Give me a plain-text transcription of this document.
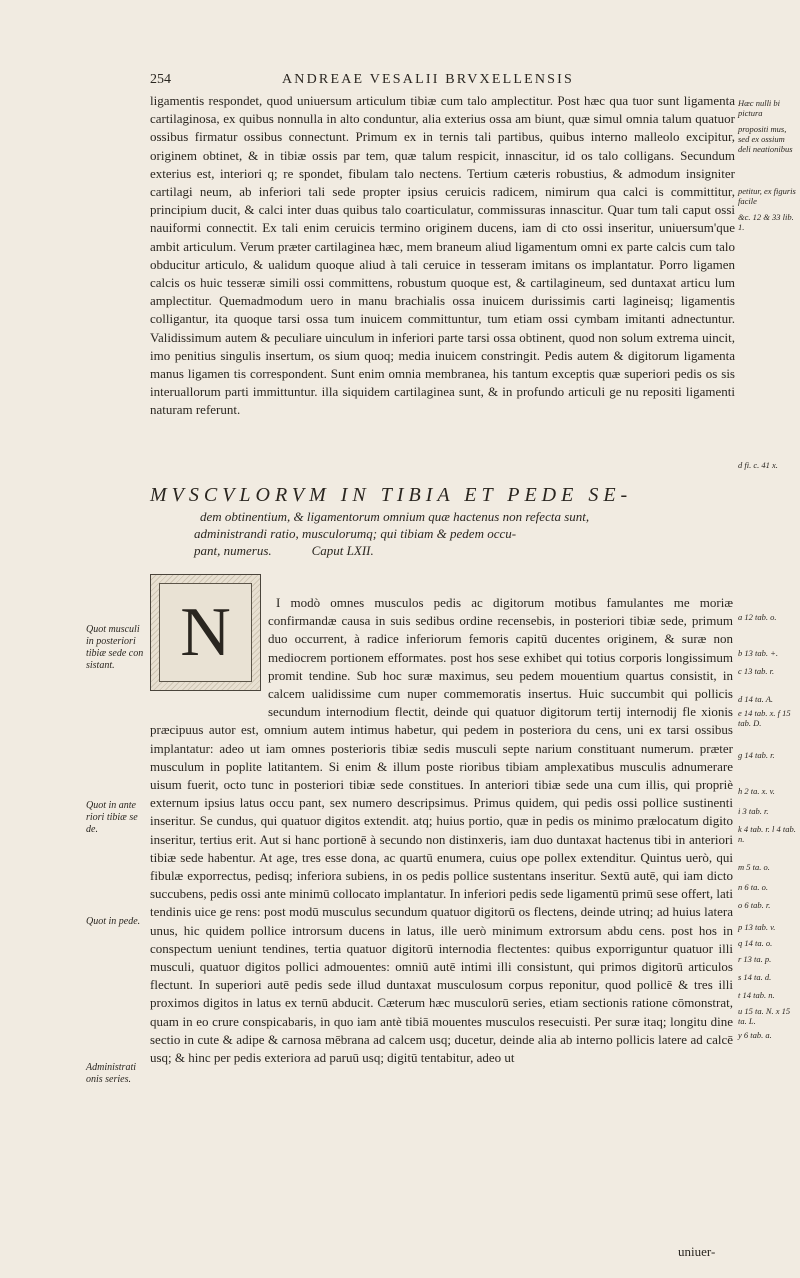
254	ANDREAE VESALII BRVXELLENSIS

ligamentis respondet, quod uniuersum articulum tibiæ cum talo amplectitur. Post hæc qua tuor sunt ligamenta cartilaginosa, ex quibus nonnulla in alto conduntur, alia exterius ossa am biunt, quæ simul omnia talum quatuor ossibus firmatur ossibus connectunt. Primum ex in ternis tali partibus, quibus interno malleolo excipitur, originem obtinet, & in tibiæ ossis par tem, quæ talum respicit, innascitur, id os talo colligans. Secundum exterius est, interiori q; re spondet, fibulam talo nectens. Tertium cæteris robustius, & admodum insigniter cartilagi neum, ab inferiori tali sede propter ipsius ceruicis radicem, nimirum qua calci is committitur, principium ducit, & calci inter duas quibus talo coarticulatur, commissuras innascitur. Quar tum tali caput ossi nauiformi connectit. Ex tali enim ceruicis termino originem ducens, iam di cto ossi inseritur, uniuersum'que ambit articulum. Verum præter cartilaginea hæc, mem braneum aliud ligamentum omni ex parte calcis cum talo obducitur articulo, & ualidum quoque aliud à tali ceruice in tesseram imitans os implantatur. Porro ligamen calcis os huic tesseræ simili ossi committens, robustum quoque est, & cartilagineum, sed duntaxat articu lum amplectitur. Quemadmodum uero in manu brachialis ossa inuicem durissimis carti lagineisq; ligamentis colligantur, ita quoque tarsi ossa tum inuicem committuntur, tum etiam ossi cymbam imitanti adnectuntur. Validissimum autem & peculiare uinculum in inferiori parte tarsi ossa obtinent, quod non solum extrema uincit, imo penitius singulis insertum, os sium quoq; media inuicem constringit. Pedis autem & digitorum ligamenta manus ligamen tis correspondent. Sunt enim omnia membranea, his tantum exceptis quæ superiori pedis os sis interuallorum parti immittuntur. illa siquidem cartilaginea sunt, & in profundo articuli ge nu repositi ligamenti naturam referunt.

MVSCVLORVM IN TIBIA ET PEDE SE-
dem obtinentium, & ligamentorum omnium quæ hactenus non refecta sunt,
administrandi ratio, musculorumq; qui tibiam & pedem occu-
pant, numerus.	Caput LXII.
N	I modò omnes musculos pedis ac digitorum motibus famulantes me moriæ confirmandæ causa in suis sedibus ordine recensebis, in posteriori tibiæ sede, primum duo occurrent, à radice inferiorum femoris capitū ducentes originem, & suræ non mediocrem portionem efformates. post hos sese exhibet qui totius corporis longissimum promit tendine. Sub hoc suræ maximus, seu pedem mouentium quartus consistit, in calcem ualidissime cum nuper commemoratis insertus. Huic succumbit qui pollicis secundum internodium flectit, deinde qui quatuor digitorum tertij internodij fle xionis præcipuus autor est, omnium autem intimus habetur, qui pedem in posteriora du cens, uni ex tarsi ossibus implantatur: adeo ut iam omnes posterioris tibiæ sedis musculi septe narium constituant numerum. præter musculum in poplite latitantem. Si enim & illum poste rioribus tibiam amplexatibus musculis adnumerare uisum fuerit, octo tunc in posteriori tibiæ sede constitues. In anteriori tibiæ sede una cum illis, qui propriè externum ipsius latus occu pant, sex numero descripsimus. Primus quidem, qui pedis ossi pollice sustinenti inseritur. Se cundus, qui quatuor digitos extendit. atq; huius portio, quæ in pedis os minimo prælocatum digito inseritur, tertius erit. Aut si hanc portionē à secundo non distinxeris, iam duo duntaxat hactenus tibi in anteriori tibiæ sede habentur. At age, tres esse dona, ac quartū enumera, cuius ope pollex extenditur. Quintus uerò, qui fibulæ exporrectus, pedisq; inferiora subiens, in os pedis pollice sustentans inseritur. Sextū autē, qui iam dicto succubens, pedis ossi ante minimū collocato implantatur. In inferiori pedis sede ligamentū primū sese offert, lati tendinis uice ge rens: post modū musculus secundum quatuor digitorū os flectens, deinde utrinq; ad huius latera unus, hic quidem pollice introrsum ducens in latus, ille uerò minimum extrorsum abdu cens. post hos in conspectum ueniunt tendines, tertia quatuor digitorū internodia flectentes: quibus exporriguntur quatuor illi musculi, quatuor digitos pollici admouentes: omniū autē intimi illi consistunt, qui primos digitorū articulos flectunt. In superiori autē pedis sede illud duntaxat musculosum corpus reponitur, quod pollicē & tres illi proximos digitos in latus ex ternū abducit. Cæterum hæc musculorū series, etiam sectionis ratione cōmonstrat, quam in eo crure conspicabaris, in quo iam antè tibiā mouentes musculos resecuisti. Per suræ itaq; longitu dine sectio in cute & adipe & carnosa mēbrana ad calcem usq; ducetur, deinde alia ab interno pollicis latere ad calcē usq; & hinc per pedis exteriora ad paruū usq; digitū tentabitur, adeo ut

Quot musculi in posteriori tibiæ sede con sistant.
Quot in ante riori tibiæ se de.
Quot in pede.
Administrati onis series.
Hæc nulli bi pictura
propositi mus, sed ex ossium deli neationibus
petitur, ex figuris facile
&c. 12 & 33 lib. 1.
d fi. c. 41 x.
a 12 tab. o.
b 13 tab. +.
c 13 tab. r.
d 14 ta. A.
e 14 tab. x. f 15 tab. D.
g 14 tab. r.
h 2 ta. x. v.
i 3 tab. r.
k 4 tab. r. l 4 tab. n.
m 5 ta. o.
n 6 ta. o.
o 6 tab. r.
p 13 tab. v.
q 14 ta. o.
r 13 ta. p.
s 14 ta. d.
t 14 tab. n.
u 15 ta. N. x 15 ta. L.
y 6 tab. a.
uniuer-
